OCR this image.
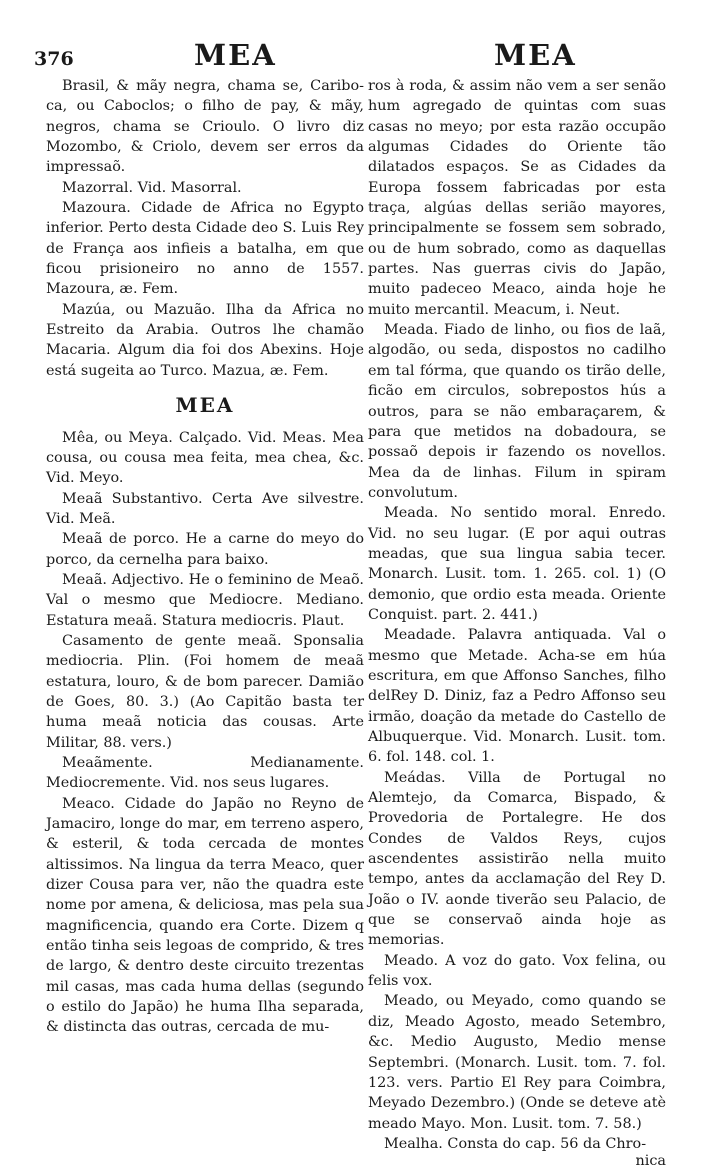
376	MEA	MEA

Brasil, & mãy negra, chama se, Caribo-ca, ou Caboclos; o filho de pay, & mãy, negros, chama se Crioulo. O livro diz Mozombo, & Criolo, devem ser erros da impressaõ.

Mazorral. Vid. Masorral.

Mazoura. Cidade de Africa no Egypto inferior. Perto desta Cidade deo S. Luis Rey de França aos infieis a batalha, em que ficou prisioneiro no anno de 1557. Mazoura, æ. Fem.

Mazúa, ou Mazuão. Ilha da Africa no Estreito da Arabia. Outros lhe chamão Macaria. Algum dia foi dos Abexins. Hoje está sugeita ao Turco. Mazua, æ. Fem.

MEA

Mêa, ou Meya. Calçado. Vid. Meas. Mea cousa, ou cousa mea feita, mea chea, &c. Vid. Meyo.

Meaã Substantivo. Certa Ave silvestre. Vid. Meã.

Meaã de porco. He a carne do meyo do porco, da cernelha para baixo.

Meaã. Adjectivo. He o feminino de Meaõ. Val o mesmo que Mediocre. Mediano. Estatura meaã. Statura mediocris. Plaut.

Casamento de gente meaã. Sponsalia mediocria. Plin. (Foi homem de meaã estatura, louro, & de bom parecer. Damião de Goes, 80. 3.) (Ao Capitão basta ter huma meaã noticia das cousas. Arte Militar, 88. vers.)

Meaãmente. Medianamente. Mediocremente. Vid. nos seus lugares.

Meaco. Cidade do Japão no Reyno de Jamaciro, longe do mar, em terreno aspero, & esteril, & toda cercada de montes altissimos. Na lingua da terra Meaco, quer dizer Cousa para ver, não the quadra este nome por amena, & deliciosa, mas pela sua magnificencia, quando era Corte. Dizem q então tinha seis legoas de comprido, & tres de largo, & dentro deste circuito trezentas mil casas, mas cada huma dellas (segundo o estilo do Japão) he huma Ilha separada, & distincta das outras, cercada de mu-

ros à roda, & assim não vem a ser senão hum agregado de quintas com suas casas no meyo; por esta razão occupão algumas Cidades do Oriente tão dilatados espaços. Se as Cidades da Europa fossem fabricadas por esta traça, algúas dellas serião mayores, principalmente se fossem sem sobrado, ou de hum sobrado, como as daquellas partes. Nas guerras civis do Japão, muito padeceo Meaco, ainda hoje he muito mercantil. Meacum, i. Neut.

Meada. Fiado de linho, ou fios de laã, algodão, ou seda, dispostos no cadilho em tal fórma, que quando os tirão delle, ficão em circulos, sobrepostos hús a outros, para se não embaraçarem, & para que metidos na dobadoura, se possaõ depois ir fazendo os novellos. Mea da de linhas. Filum in spiram convolutum.

Meada. No sentido moral. Enredo. Vid. no seu lugar. (E por aqui outras meadas, que sua lingua sabia tecer. Monarch. Lusit. tom. 1. 265. col. 1) (O demonio, que ordio esta meada. Oriente Conquist. part. 2. 441.)

Meadade. Palavra antiquada. Val o mesmo que Metade. Acha-se em húa escritura, em que Affonso Sanches, filho delRey D. Diniz, faz a Pedro Affonso seu irmão, doação da metade do Castello de Albuquerque. Vid. Monarch. Lusit. tom. 6. fol. 148. col. 1.

Meádas. Villa de Portugal no Alemtejo, da Comarca, Bispado, & Provedoria de Portalegre. He dos Condes de Valdos Reys, cujos ascendentes assistirão nella muito tempo, antes da acclamação del Rey D. João o IV. aonde tiverão seu Palacio, de que se conservaõ ainda hoje as memorias.

Meado. A voz do gato. Vox felina, ou felis vox.

Meado, ou Meyado, como quando se diz, Meado Agosto, meado Setembro, &c. Medio Augusto, Medio mense Septembri. (Monarch. Lusit. tom. 7. fol. 123. vers. Partio El Rey para Coimbra, Meyado Dezembro.) (Onde se deteve atè meado Mayo. Mon. Lusit. tom. 7. 58.)

Mealha. Consta do cap. 56 da Chro-

nica
